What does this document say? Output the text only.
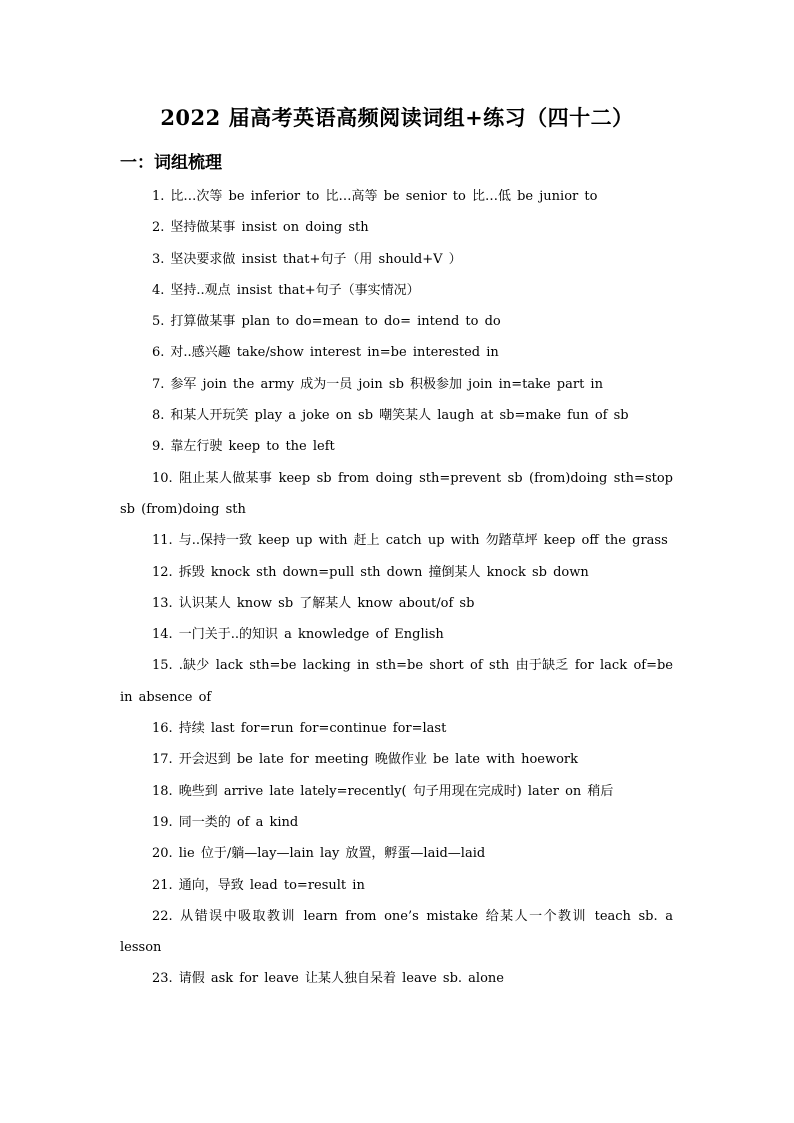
2022 届高考英语高频阅读词组+练习（四十二）
一：词组梳理
1. 比…次等 be inferior to 比…高等 be senior to 比…低 be junior to
2. 坚持做某事 insist on doing sth
3. 坚决要求做 insist that+句子（用 should+V ）
4. 坚持..观点 insist that+句子（事实情况）
5. 打算做某事 plan to do=mean to do= intend to do
6. 对..感兴趣 take/show interest in=be interested in
7. 参军 join the army 成为一员 join sb 积极参加 join in=take part in
8. 和某人开玩笑 play a joke on sb 嘲笑某人 laugh at sb=make fun of sb
9. 靠左行驶 keep to the left
10. 阻止某人做某事 keep sb from doing sth=prevent sb (from)doing sth=stop sb (from)doing sth
11. 与..保持一致 keep up with 赶上 catch up with 勿踏草坪 keep off the grass
12. 拆毁 knock sth down=pull sth down 撞倒某人 knock sb down
13. 认识某人 know sb 了解某人 know about/of sb
14. 一门关于..的知识 a knowledge of English
15. .缺少 lack sth=be lacking in sth=be short of sth 由于缺乏 for lack of=be in absence of
16. 持续 last for=run for=continue for=last
17. 开会迟到 be late for meeting 晚做作业 be late with hoework
18. 晚些到 arrive late lately=recently( 句子用现在完成时) later on 稍后
19. 同一类的 of a kind
20. lie 位于/躺—lay—lain lay 放置，孵蛋—laid—laid
21. 通向，导致 lead to=result in
22. 从错误中吸取教训 learn from one’s mistake 给某人一个教训 teach sb. a lesson
23. 请假 ask for leave 让某人独自呆着 leave sb. alone
